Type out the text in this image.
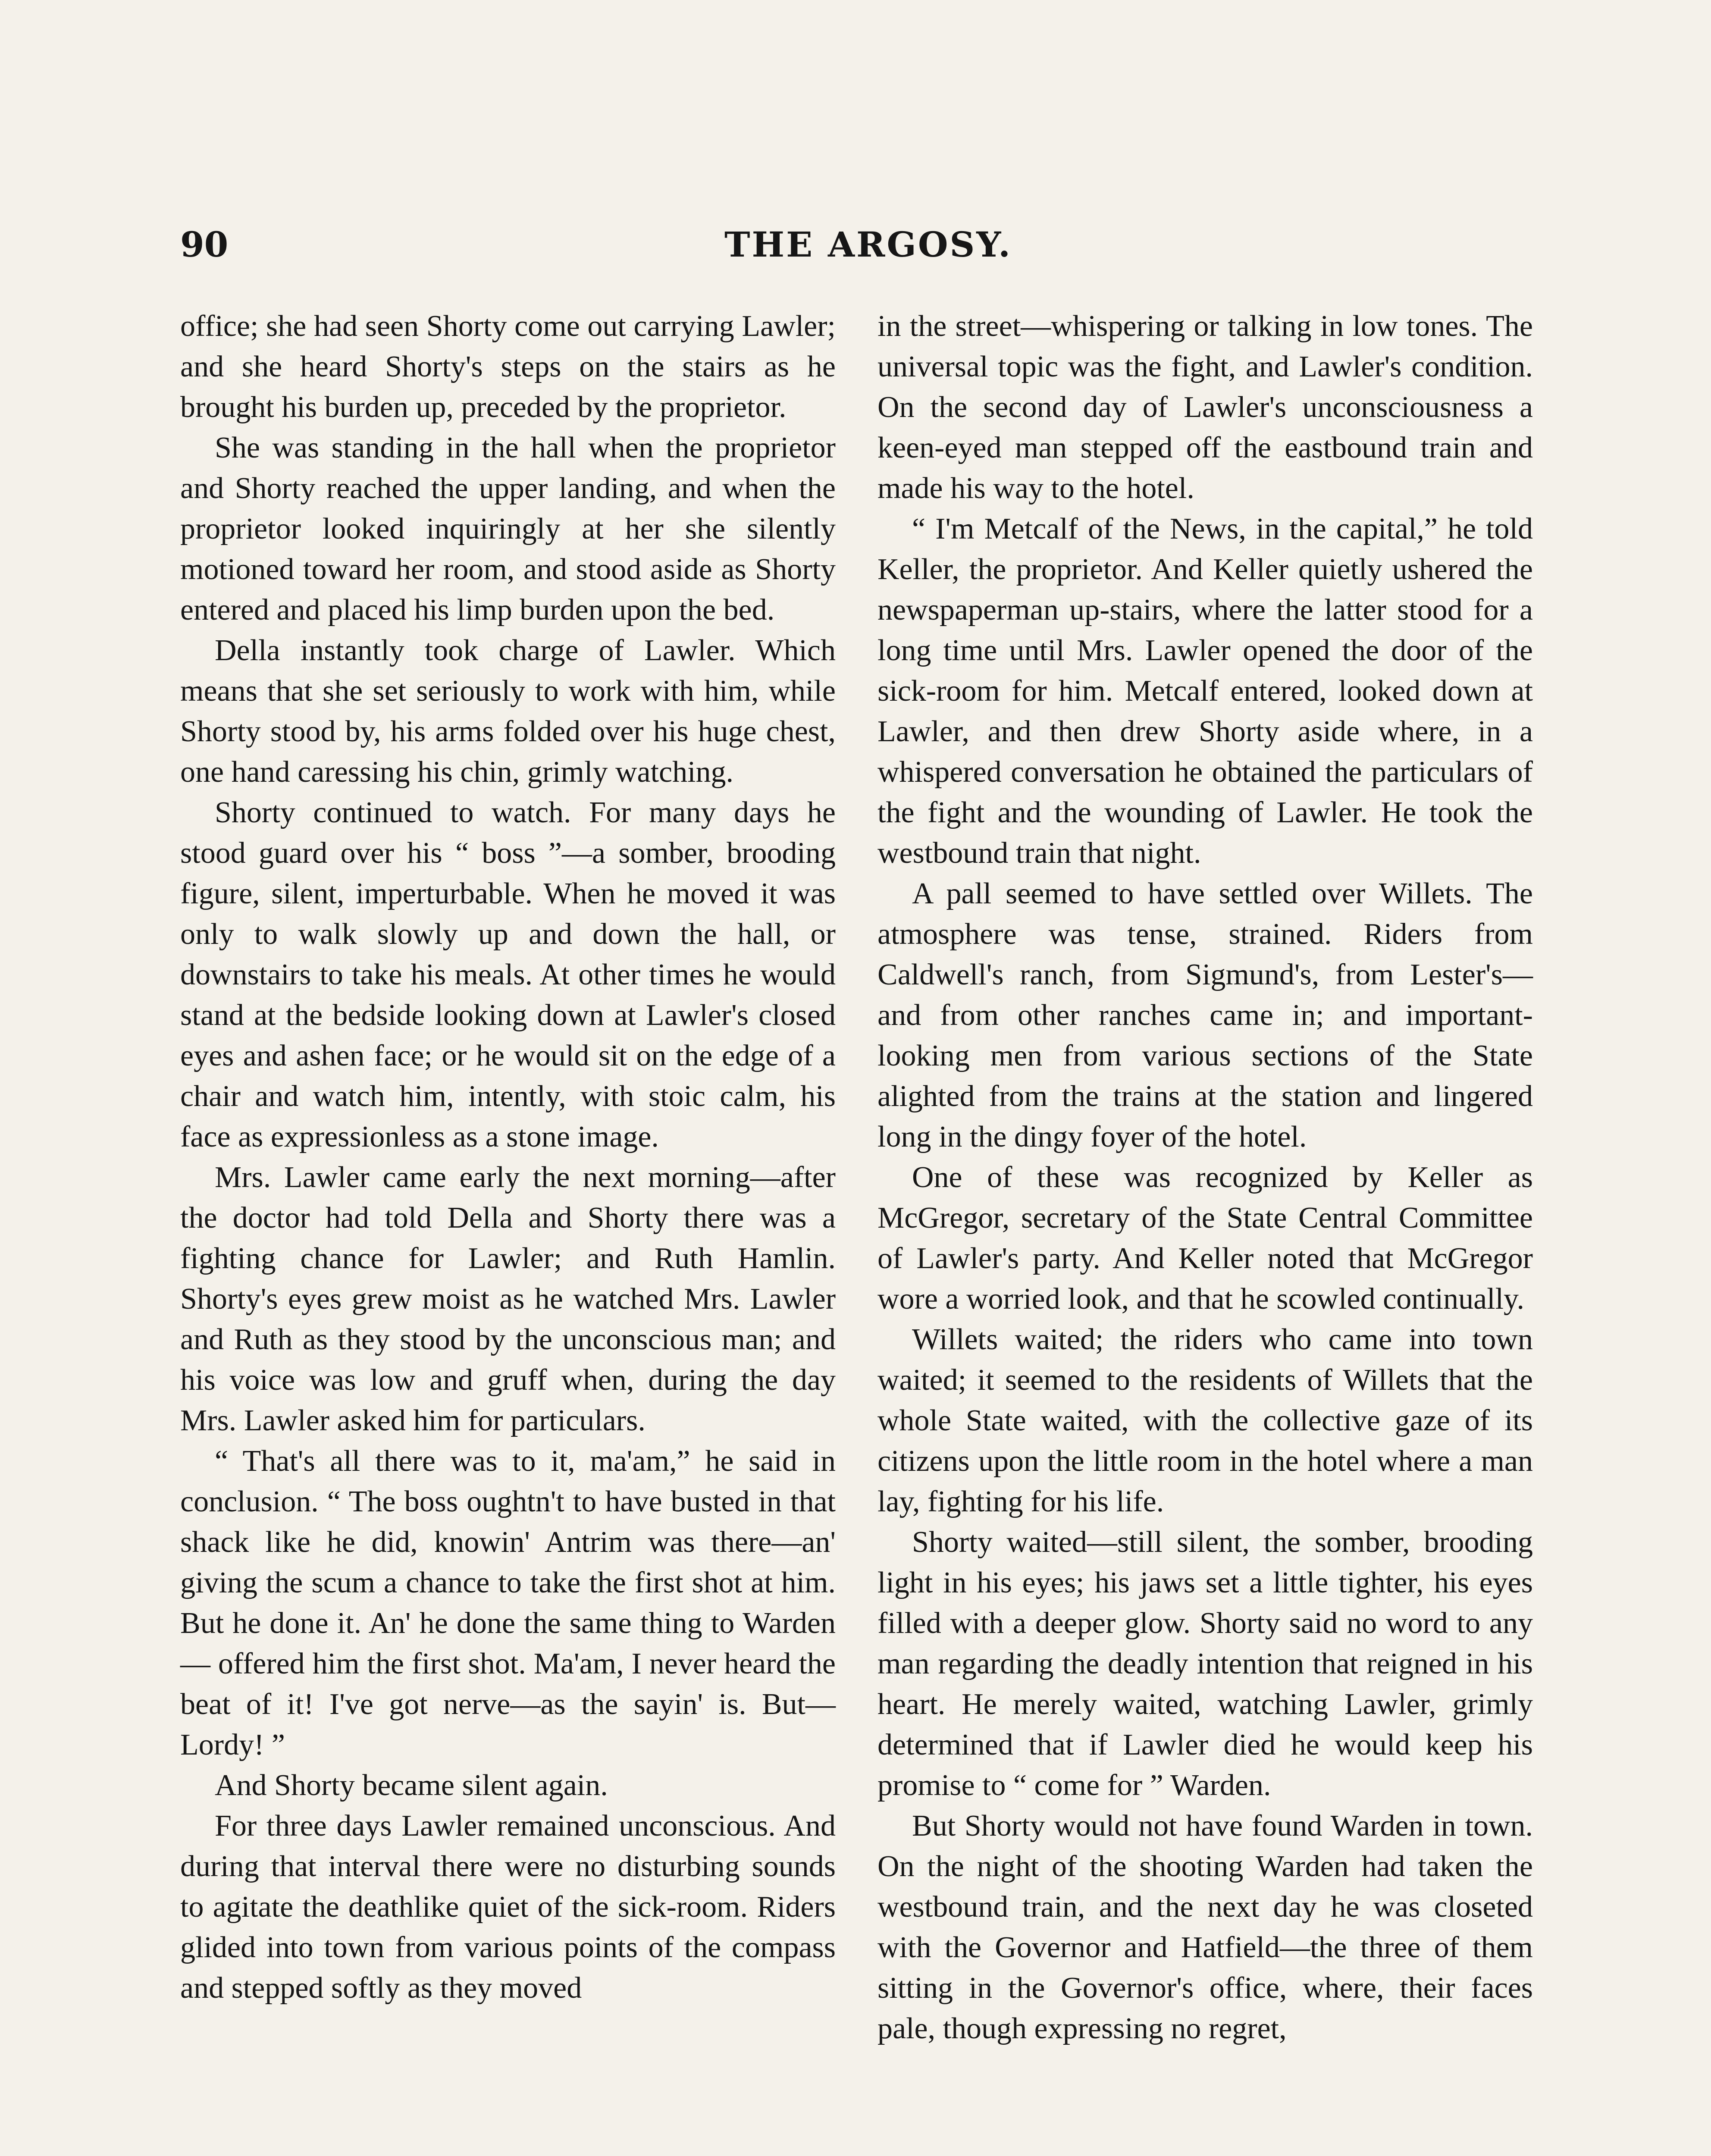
90	THE ARGOSY.

office; she had seen Shorty come out carrying Lawler; and she heard Shorty's steps on the stairs as he brought his burden up, preceded by the proprietor.

She was standing in the hall when the proprietor and Shorty reached the upper landing, and when the proprietor looked inquiringly at her she silently motioned toward her room, and stood aside as Shorty entered and placed his limp burden upon the bed.

Della instantly took charge of Lawler. Which means that she set seriously to work with him, while Shorty stood by, his arms folded over his huge chest, one hand caressing his chin, grimly watching.

Shorty continued to watch. For many days he stood guard over his “ boss ”—a somber, brooding figure, silent, imperturbable. When he moved it was only to walk slowly up and down the hall, or downstairs to take his meals. At other times he would stand at the bedside looking down at Lawler's closed eyes and ashen face; or he would sit on the edge of a chair and watch him, intently, with stoic calm, his face as expressionless as a stone image.

Mrs. Lawler came early the next morning—after the doctor had told Della and Shorty there was a fighting chance for Lawler; and Ruth Hamlin. Shorty's eyes grew moist as he watched Mrs. Lawler and Ruth as they stood by the unconscious man; and his voice was low and gruff when, during the day Mrs. Lawler asked him for particulars.

“ That's all there was to it, ma'am,” he said in conclusion. “ The boss oughtn't to have busted in that shack like he did, knowin' Antrim was there—an' giving the scum a chance to take the first shot at him. But he done it. An' he done the same thing to Warden — offered him the first shot. Ma'am, I never heard the beat of it! I've got nerve—as the sayin' is. But— Lordy! ”

And Shorty became silent again.

For three days Lawler remained unconscious. And during that interval there were no disturbing sounds to agitate the deathlike quiet of the sick-room. Riders glided into town from various points of the compass and stepped softly as they moved

in the street—whispering or talking in low tones. The universal topic was the fight, and Lawler's condition. On the second day of Lawler's unconsciousness a keen-eyed man stepped off the eastbound train and made his way to the hotel.

“ I'm Metcalf of the News, in the capital,” he told Keller, the proprietor. And Keller quietly ushered the newspaperman up-stairs, where the latter stood for a long time until Mrs. Lawler opened the door of the sick-room for him. Metcalf entered, looked down at Lawler, and then drew Shorty aside where, in a whispered conversation he obtained the particulars of the fight and the wounding of Lawler. He took the westbound train that night.

A pall seemed to have settled over Willets. The atmosphere was tense, strained. Riders from Caldwell's ranch, from Sigmund's, from Lester's—and from other ranches came in; and important-looking men from various sections of the State alighted from the trains at the station and lingered long in the dingy foyer of the hotel.

One of these was recognized by Keller as McGregor, secretary of the State Central Committee of Lawler's party. And Keller noted that McGregor wore a worried look, and that he scowled continually.

Willets waited; the riders who came into town waited; it seemed to the residents of Willets that the whole State waited, with the collective gaze of its citizens upon the little room in the hotel where a man lay, fighting for his life.

Shorty waited—still silent, the somber, brooding light in his eyes; his jaws set a little tighter, his eyes filled with a deeper glow. Shorty said no word to any man regarding the deadly intention that reigned in his heart. He merely waited, watching Lawler, grimly determined that if Lawler died he would keep his promise to “ come for ” Warden.

But Shorty would not have found Warden in town. On the night of the shooting Warden had taken the westbound train, and the next day he was closeted with the Governor and Hatfield—the three of them sitting in the Governor's office, where, their faces pale, though expressing no regret,
